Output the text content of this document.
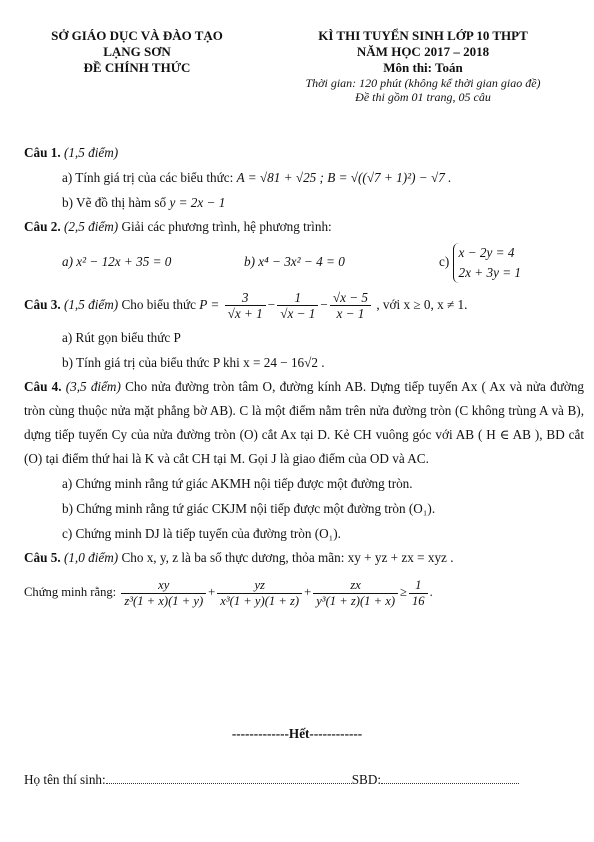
SỞ GIÁO DỤC VÀ ĐÀO TẠO
LẠNG SƠN
ĐỀ CHÍNH THỨC
KÌ THI TUYỂN SINH LỚP 10 THPT
NĂM HỌC 2017 – 2018
Môn thi: Toán
Thời gian: 120 phút (không kể thời gian giao đề)
Đề thi gồm 01 trang, 05 câu
Câu 1. (1,5 điểm)
a) Tính giá trị của các biểu thức: A = √81 + √25 ; B = √((√7 + 1)²) − √7 .
b) Vẽ đồ thị hàm số y = 2x − 1
Câu 2. (2,5 điểm) Giải các phương trình, hệ phương trình:
a) x² − 12x + 35 = 0	b) x⁴ − 3x² − 4 = 0	c)
x − 2y = 4
2x + 3y = 1
Câu 3. (1,5 điểm) Cho biểu thức $P = \frac{3}{√x + 1} - \frac{1}{√x - 1} - \frac{√x - 5}{x - 1}$ , với x ≥ 0, x ≠ 1.
a) Rút gọn biểu thức P
b) Tính giá trị của biểu thức P khi x = 24 − 16√2 .
Câu 4. (3,5 điểm) Cho nửa đường tròn tâm O, đường kính AB. Dựng tiếp tuyến Ax ( Ax và nửa đường tròn cùng thuộc nửa mặt phẳng bờ AB). C là một điểm nằm trên nửa đường tròn (C không trùng A và B), dựng tiếp tuyến Cy của nửa đường tròn (O) cắt Ax tại D. Kẻ CH vuông góc với AB ( H ∈ AB ), BD cắt (O) tại điểm thứ hai là K và cắt CH tại M. Gọi J là giao điểm của OD và AC.
a) Chứng minh rằng tứ giác AKMH nội tiếp được một đường tròn.
b) Chứng minh rằng tứ giác CKJM nội tiếp được một đường tròn (O₁).
c) Chứng minh DJ là tiếp tuyến của đường tròn (O₁).
Câu 5. (1,0 điểm) Cho x, y, z là ba số thực dương, thỏa mãn: xy + yz + zx = xyz .
Chứng minh rằng: $\frac{xy}{\text{z³(1 + x)(1 + y)}} + \frac{yz}{\text{x³(1 + y)(1 + z)}} + \frac{zx}{\text{y³(1 + z)(1 + x)}} \ge \frac{1}{16}$ .
-------------Hết------------
Họ tên thí sinh:	SBD:
